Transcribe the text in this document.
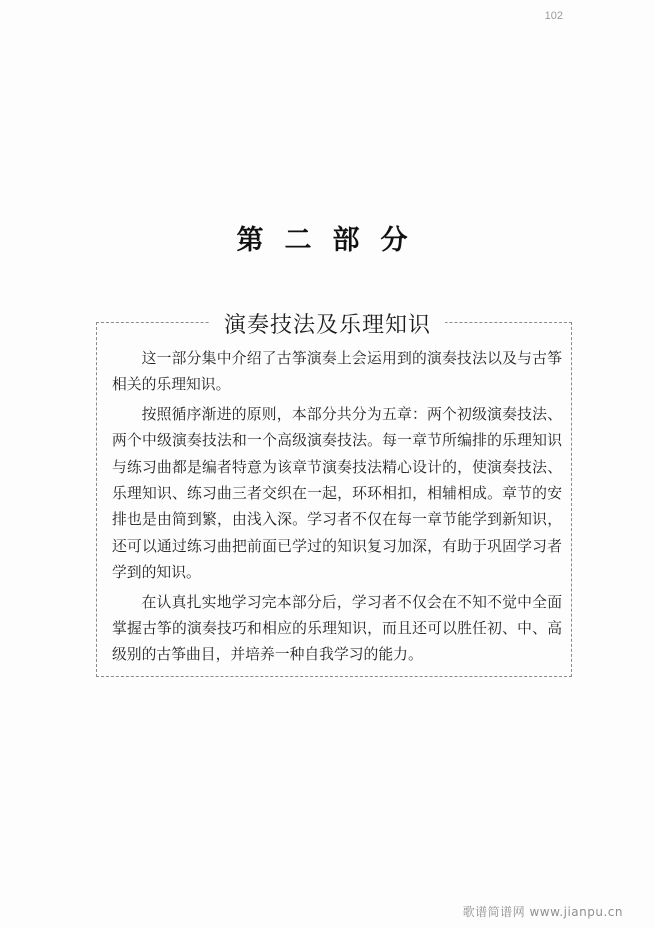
102
第二部分
演奏技法及乐理知识

这一部分集中介绍了古筝演奏上会运用到的演奏技法以及与古筝相关的乐理知识。

按照循序渐进的原则，本部分共分为五章：两个初级演奏技法、两个中级演奏技法和一个高级演奏技法。每一章节所编排的乐理知识与练习曲都是编者特意为该章节演奏技法精心设计的，使演奏技法、乐理知识、练习曲三者交织在一起，环环相扣，相辅相成。章节的安排也是由简到繁，由浅入深。学习者不仅在每一章节能学到新知识，还可以通过练习曲把前面已学过的知识复习加深，有助于巩固学习者学到的知识。

在认真扎实地学习完本部分后，学习者不仅会在不知不觉中全面掌握古筝的演奏技巧和相应的乐理知识，而且还可以胜任初、中、高级别的古筝曲目，并培养一种自我学习的能力。

歌谱简谱网 www.jianpu.cn
